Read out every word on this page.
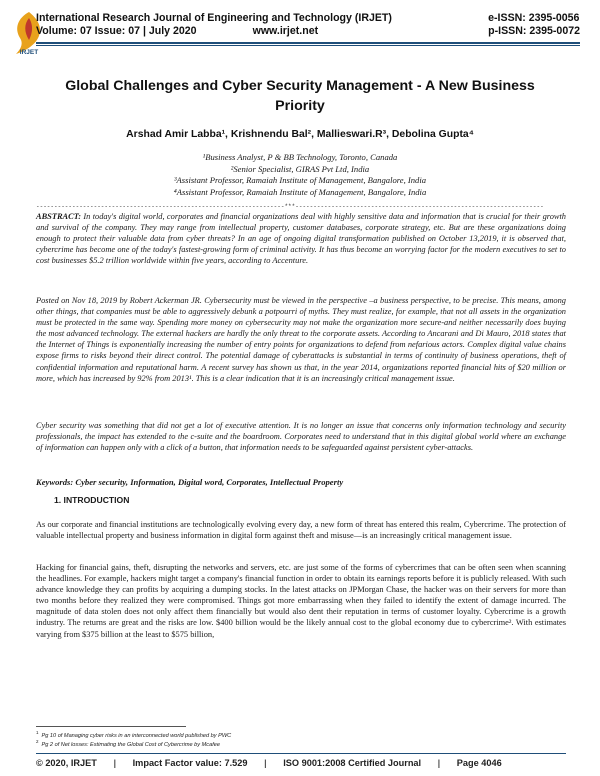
IRJET
International Research Journal of Engineering and Technology (IRJET)
Volume: 07 Issue: 07 | July 2020	www.irjet.net
e-ISSN: 2395-0056
p-ISSN: 2395-0072
Global Challenges and Cyber Security Management - A New Business
Priority
Arshad Amir Labba¹, Krishnendu Bal², Mallieswari.R³, Debolina Gupta⁴
¹Business Analyst, P & BB Technology, Toronto, Canada
²Senior Specialist, GIRAS Pvt Ltd, India
³Assistant Professor, Ramaiah Institute of Management, Bangalore, India
⁴Assistant Professor, Ramaiah Institute of Management, Bangalore, India
---------------------------------------------------------------------***---------------------------------------------------------------------
ABSTRACT: In today's digital world, corporates and financial organizations deal with highly sensitive data and information that is crucial for their growth and survival of the company. They may range from intellectual property, customer databases, corporate strategy, etc. But are these organizations doing enough to protect their valuable data from cyber threats? In an age of ongoing digital transformation published on October 13,2019, it is observed that, cybercrime has become one of the today's fastest-growing form of criminal activity. It has thus become an worrying factor for the modern executives to set to cost businesses $5.2 trillion worldwide within five years, according to Accenture.
Posted on Nov 18, 2019 by Robert Ackerman JR. Cybersecurity must be viewed in the perspective –a business perspective, to be precise. This means, among other things, that companies must be able to aggressively debunk a potpourri of myths. They must realize, for example, that not all assets in the organization must be protected in the same way. Spending more money on cybersecurity may not make the organization more secure-and neither necessarily does buying the most advanced technology. The external hackers are hardly the only threat to the corporate assets. According to Ancarani and Di Mauro, 2018 states that the Internet of Things is exponentially increasing the number of entry points for organizations to defend from nefarious actors. Complex digital value chains expose firms to risks beyond their direct control. The potential damage of cyberattacks is substantial in terms of continuity of business operations, theft of confidential information and reputational harm. A recent survey has shown us that, in the year 2014, organizations reported financial hits of $20 million or more, which has increased by 92% from 2013¹. This is a clear indication that it is an increasingly critical management issue.
Cyber security was something that did not get a lot of executive attention. It is no longer an issue that concerns only information technology and security professionals, the impact has extended to the c-suite and the boardroom. Corporates need to understand that in this digital global world where an exchange of information can happen only with a click of a button, that information needs to be safeguarded against persistent cyber-attacks.
Keywords: Cyber security, Information, Digital word, Corporates, Intellectual Property
1. INTRODUCTION
As our corporate and financial institutions are technologically evolving every day, a new form of threat has entered this realm, Cybercrime. The protection of valuable intellectual property and business information in digital form against theft and misuse—is an increasingly critical management issue.
Hacking for financial gains, theft, disrupting the networks and servers, etc. are just some of the forms of cybercrimes that can be often seen when scanning the headlines. For example, hackers might target a company's financial function in order to obtain its earnings reports before it is publicly released. With such advance knowledge they can profits by acquiring a dumping stocks. In the latest attacks on JPMorgan Chase, the hacker was on their servers for more than two months before they realized they were compromised. Things got more embarrassing when they failed to identify the extent of damage incurred. The magnitude of data stolen does not only affect them financially but would also dent their reputation in terms of customer loyalty. Cybercrime is a growth industry. The returns are great and the risks are low. $400 billion would be the likely annual cost to the global economy due to cybercrime². With estimates varying from $375 billion at the least to $575 billion,
$^1$Pg 10 of Managing cyber risks in an interconnected world published by PWC
$^2$Pg 2 of Net losses: Estimating the Global Cost of Cybercrime by Mcafee
© 2020, IRJET | Impact Factor value: 7.529 | ISO 9001:2008 Certified Journal | Page 4046
